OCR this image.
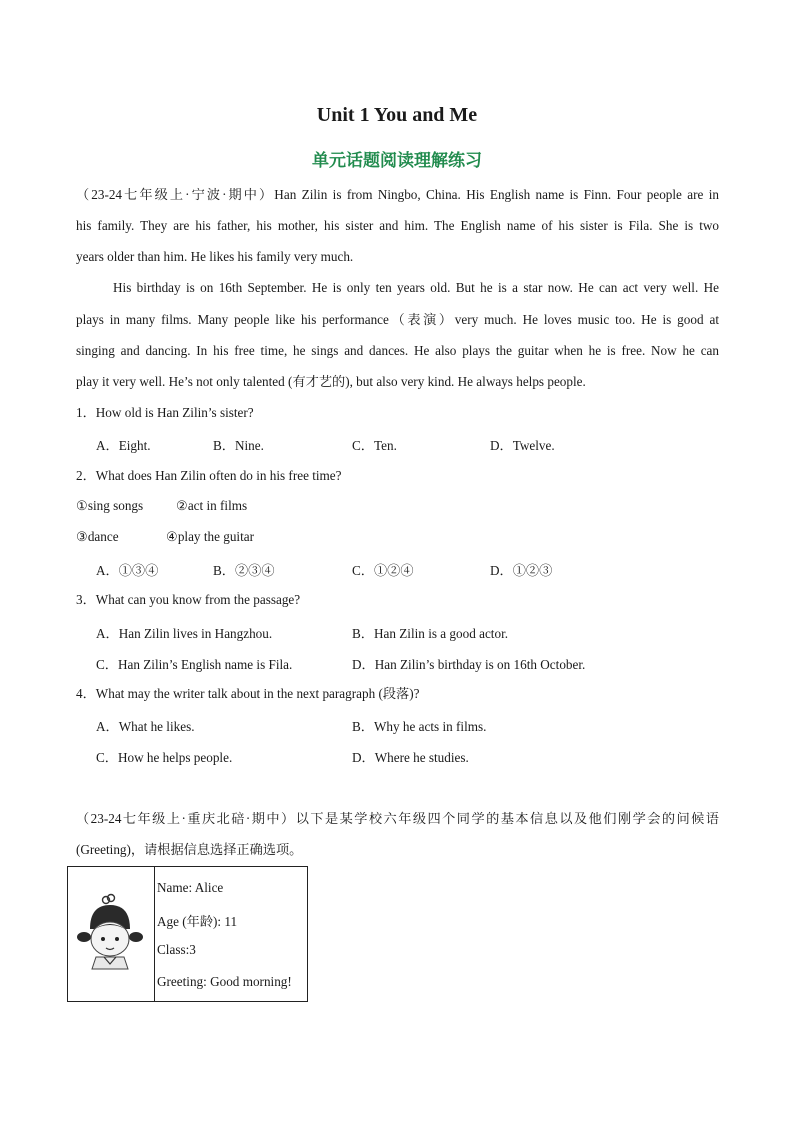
Unit 1 You and Me
单元话题阅读理解练习
（23-24七年级上·宁波·期中）Han Zilin is from Ningbo, China. His English name is Finn. Four people are in
his family. They are his father, his mother, his sister and him. The English name of his sister is Fila. She is two
years older than him. He likes his family very much.
His birthday is on 16th September. He is only ten years old. But he is a star now. He can act very well. He
plays in many films. Many people like his performance（表演）very much. He loves music too. He is good at
singing and dancing. In his free time, he sings and dances. He also plays the guitar when he is free. Now he can
play it very well. He’s not only talented (有才艺的), but also very kind. He always helps people.
1．How old is Han Zilin’s sister?
A．Eight.	B．Nine.	C．Ten.	D．Twelve.
2．What does Han Zilin often do in his free time?
①sing songs ②act in films
③dance	④play the guitar
A．①③④	B．②③④	C．①②④	D．①②③
3．What can you know from the passage?
A．Han Zilin lives in Hangzhou.	B．Han Zilin is a good actor.
C．Han Zilin’s English name is Fila.	D．Han Zilin’s birthday is on 16th October.
4．What may the writer talk about in the next paragraph (段落)?
A．What he likes.	B．Why he acts in films.
C．How he helps people.	D．Where he studies.
（23-24七年级上·重庆北碚·期中）以下是某学校六年级四个同学的基本信息以及他们刚学会的问候语
(Greeting)，请根据信息选择正确选项。
Name: Alice
Age (年龄): 11
Class:3
Greeting: Good morning!
